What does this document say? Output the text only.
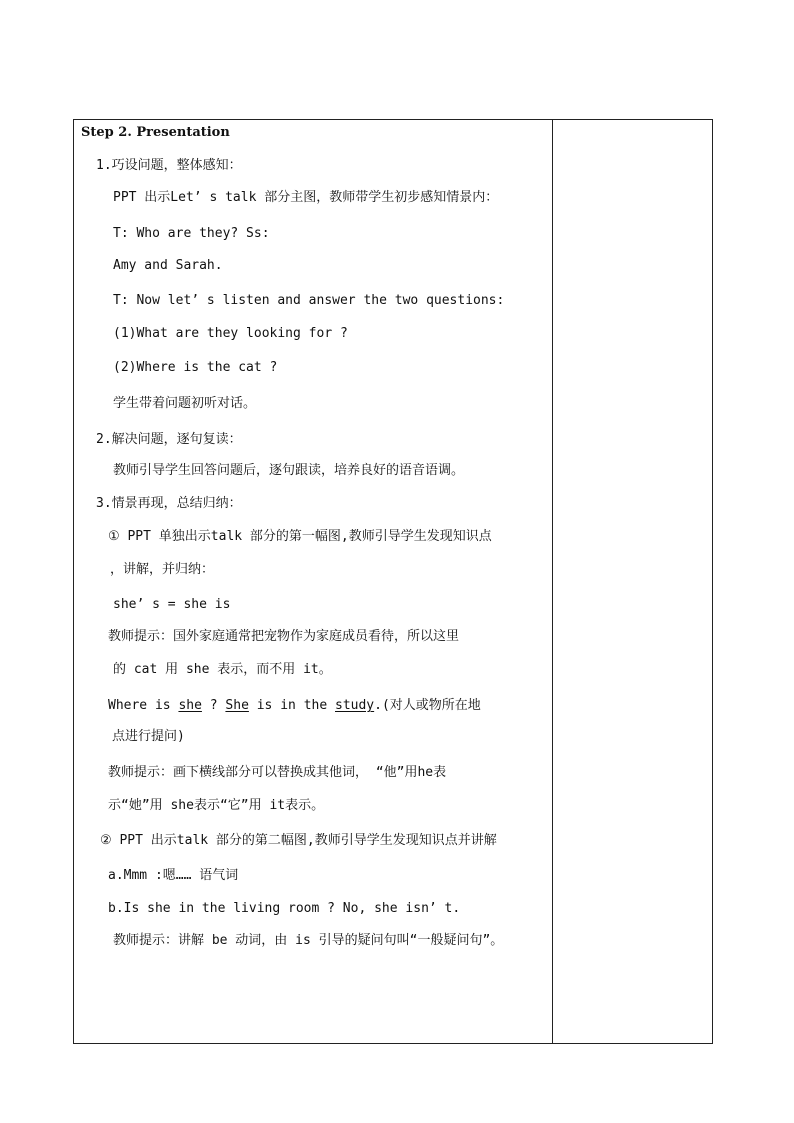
Step 2. Presentation
1.巧设问题，整体感知：
PPT 出示Let’ s talk 部分主图，教师带学生初步感知情景内：
T: Who are they? Ss:
Amy and Sarah.
T: Now let’ s listen and answer the two questions:
(1)What are they looking for ?
(2)Where is the cat ?
学生带着问题初听对话。
2.解决问题，逐句复读：
教师引导学生回答问题后，逐句跟读，培养良好的语音语调。
3.情景再现，总结归纳：
① PPT 单独出示talk 部分的第一幅图,教师引导学生发现知识点
，讲解，并归纳：
she’ s = she is
教师提示：国外家庭通常把宠物作为家庭成员看待，所以这里
的 cat 用 she 表示，而不用 it。
Where is she ? She is in the study.(对人或物所在地
点进行提问)
教师提示：画下横线部分可以替换成其他词， “他”用he表
示“她”用 she表示“它”用 it表示。
② PPT 出示talk 部分的第二幅图,教师引导学生发现知识点并讲解
a.Mmm :嗯…… 语气词
b.Is she in the living room ? No, she isn’ t.
教师提示：讲解 be 动词，由 is 引导的疑问句叫“一般疑问句”。
